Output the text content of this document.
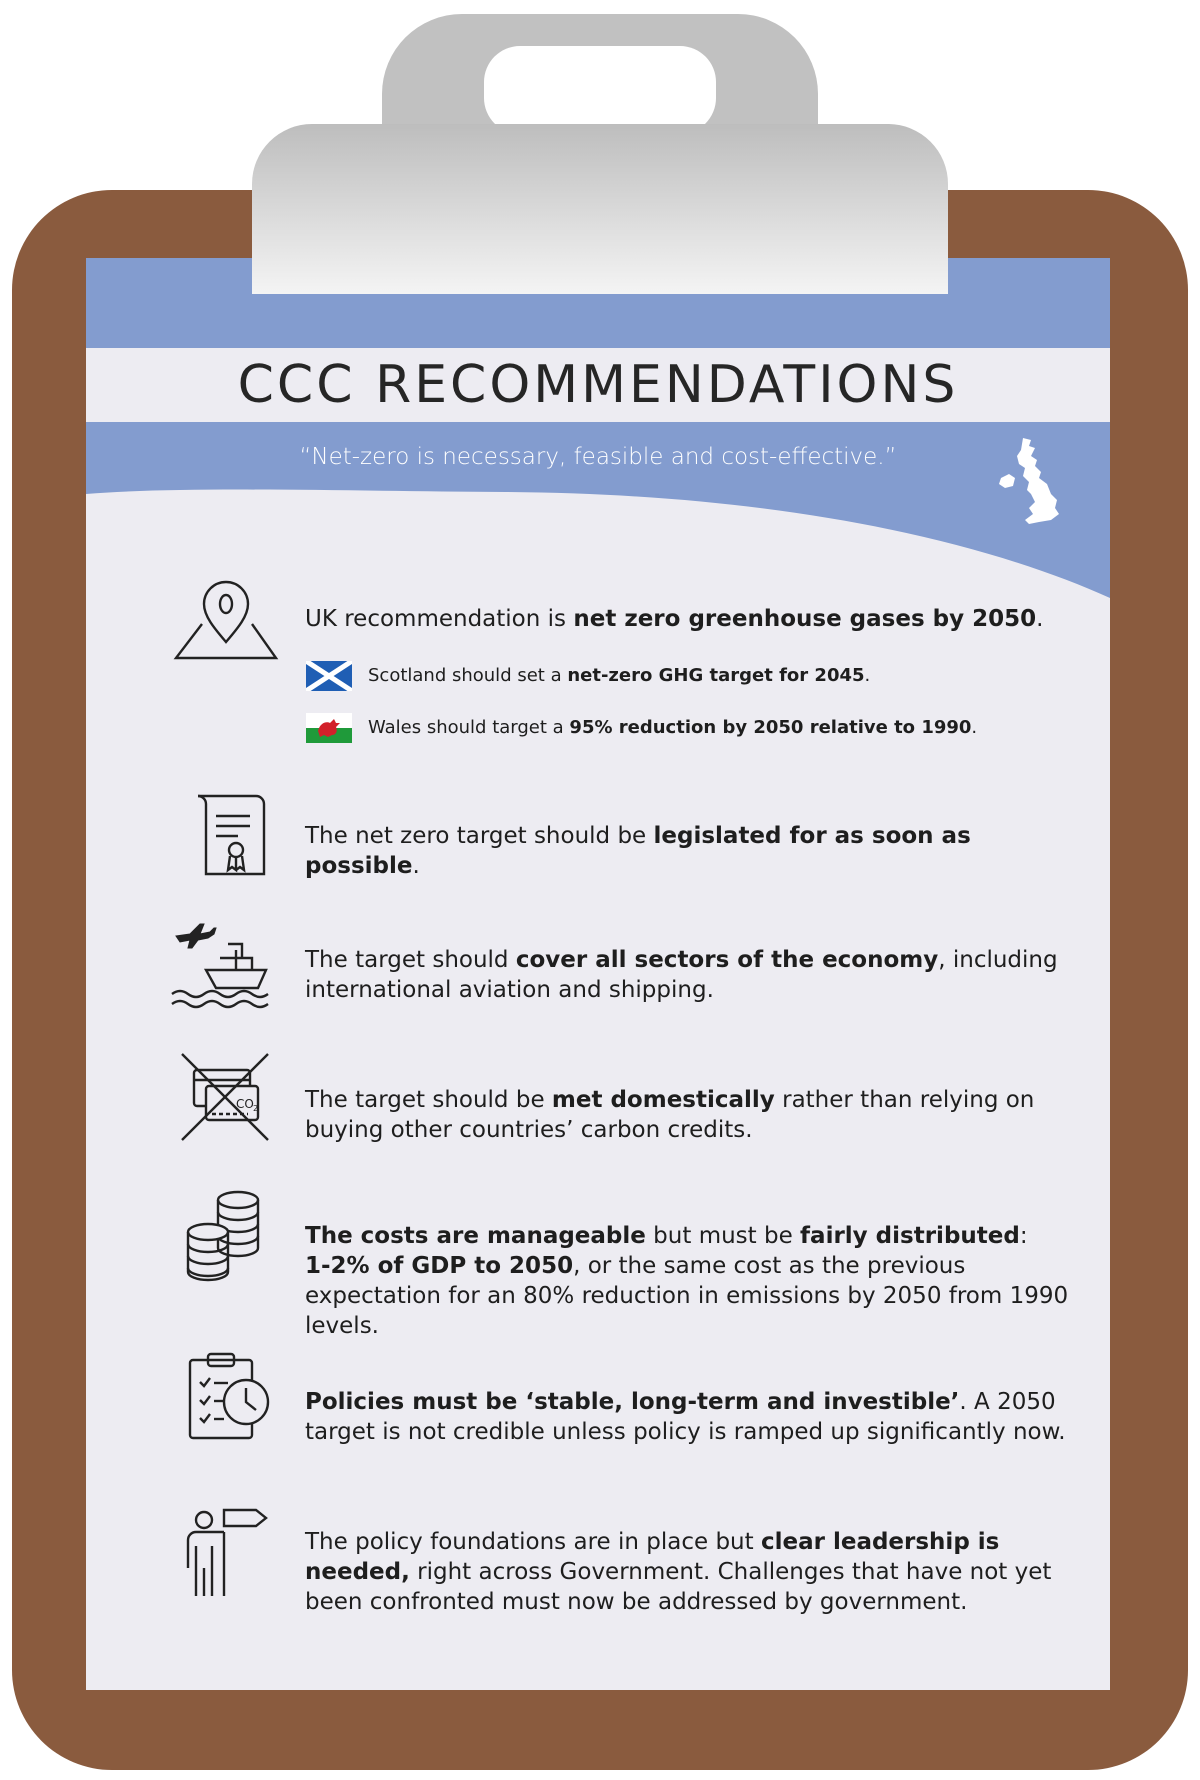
CCC RECOMMENDATIONS
“Net-zero is necessary, feasible and cost-effective.”
CO 2
UK recommendation is net zero greenhouse gases by 2050.
Scotland should set a net-zero GHG target for 2045.
Wales should target a 95% reduction by 2050 relative to 1990.
The net zero target should be legislated for as soon as possible.
The target should cover all sectors of the economy, including international aviation and shipping.
The target should be met domestically rather than relying on buying other countries’ carbon credits.
The costs are manageable but must be fairly distributed:
1-2% of GDP to 2050, or the same cost as the previous expectation for an 80% reduction in emissions by 2050 from 1990 levels.
Policies must be ‘stable, long-term and investible’. A 2050 target is not credible unless policy is ramped up significantly now.
The policy foundations are in place but clear leadership is needed, right across Government. Challenges that have not yet been confronted must now be addressed by government.
